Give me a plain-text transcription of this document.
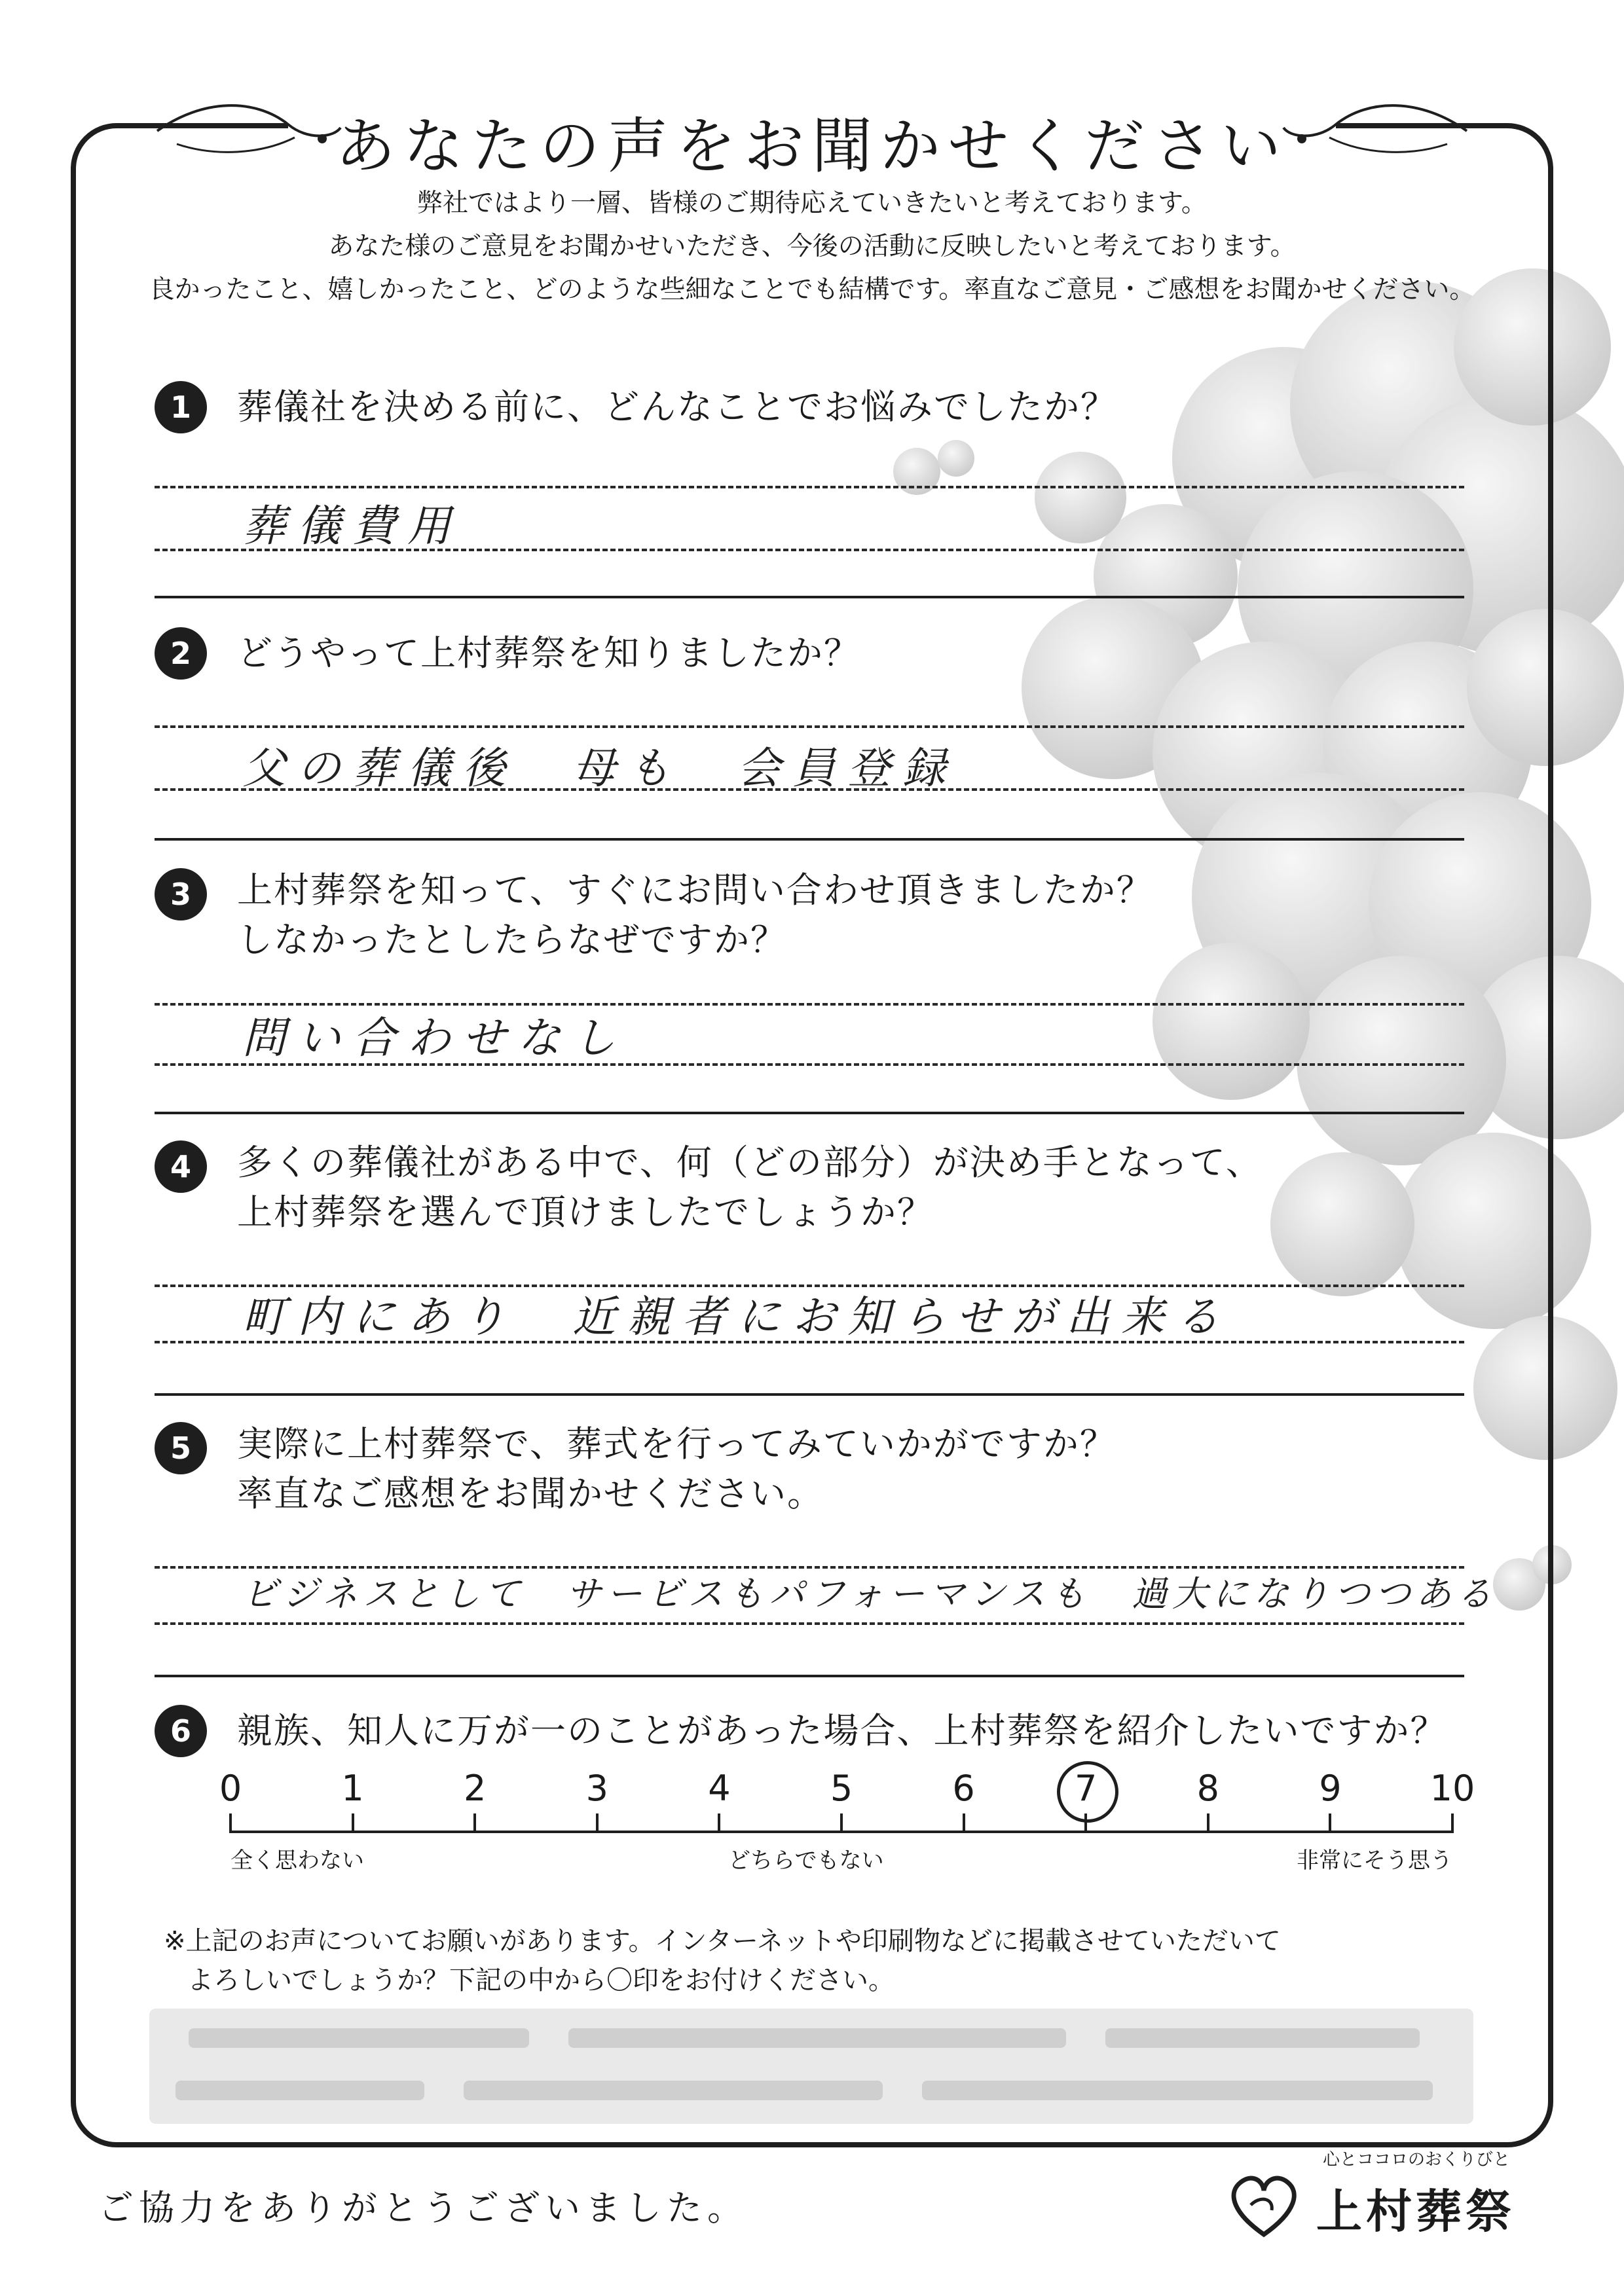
あなたの声をお聞かせください
弊社ではより一層、皆様のご期待応えていきたいと考えております。
あなた様のご意見をお聞かせいただき、今後の活動に反映したいと考えております。
良かったこと、嬉しかったこと、どのような些細なことでも結構です。率直なご意見・ご感想をお聞かせください。
1	葬儀社を決める前に、どんなことでお悩みでしたか？
葬儀費用
2	どうやって上村葬祭を知りましたか？
父の葬儀後　母も　会員登録
3	上村葬祭を知って、すぐにお問い合わせ頂きましたか？
しなかったとしたらなぜですか？
問い合わせなし
4	多くの葬儀社がある中で、何（どの部分）が決め手となって、
上村葬祭を選んで頂けましたでしょうか？
町内にあり　近親者にお知らせが出来る
5	実際に上村葬祭で、葬式を行ってみていかがですか？
率直なご感想をお聞かせください。
ビジネスとして　サービスもパフォーマンスも　過大になりつつある
6	親族、知人に万が一のことがあった場合、上村葬祭を紹介したいですか？
0	1	2	3	4	5	6	7	8	9	10
全く思わない	どちらでもない	非常にそう思う
※上記のお声についてお願いがあります。インターネットや印刷物などに掲載させていただいて
よろしいでしょうか？下記の中から〇印をお付けください。
ご協力をありがとうございました。
心とココロのおくりびと
上村葬祭
